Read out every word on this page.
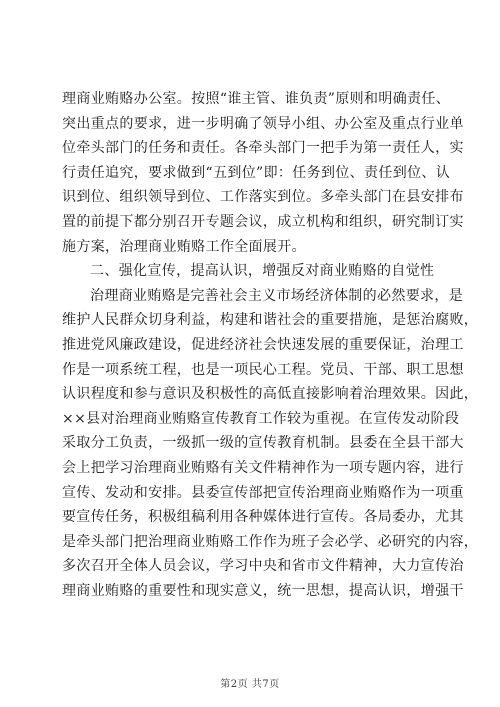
理商业贿赂办公室。按照“谁主管、谁负责”原则和明确责任、
突出重点的要求，进一步明确了领导小组、办公室及重点行业单
位牵头部门的任务和责任。各牵头部门一把手为第一责任人，实
行责任追究，要求做到“五到位”即：任务到位、责任到位、认
识到位、组织领导到位、工作落实到位。多牵头部门在县安排布
置的前提下都分别召开专题会议，成立机构和组织，研究制订实
施方案，治理商业贿赂工作全面展开。
二、强化宣传，提高认识，增强反对商业贿赂的自觉性
治理商业贿赂是完善社会主义市场经济体制的必然要求，是
维护人民群众切身利益，构建和谐社会的重要措施，是惩治腐败，
推进党风廉政建设，促进经济社会快速发展的重要保证，治理工
作是一项系统工程，也是一项民心工程。党员、干部、职工思想
认识程度和参与意识及积极性的高低直接影响着治理效果。因此，
××县对治理商业贿赂宣传教育工作较为重视。在宣传发动阶段
采取分工负责，一级抓一级的宣传教育机制。县委在全县干部大
会上把学习治理商业贿赂有关文件精神作为一项专题内容，进行
宣传、发动和安排。县委宣传部把宣传治理商业贿赂作为一项重
要宣传任务，积极组稿利用各种媒体进行宣传。各局委办，尤其
是牵头部门把治理商业贿赂工作作为班子会必学、必研究的内容，
多次召开全体人员会议，学习中央和省市文件精神，大力宣传治
理商业贿赂的重要性和现实意义，统一思想，提高认识，增强干
第2页 共7页
